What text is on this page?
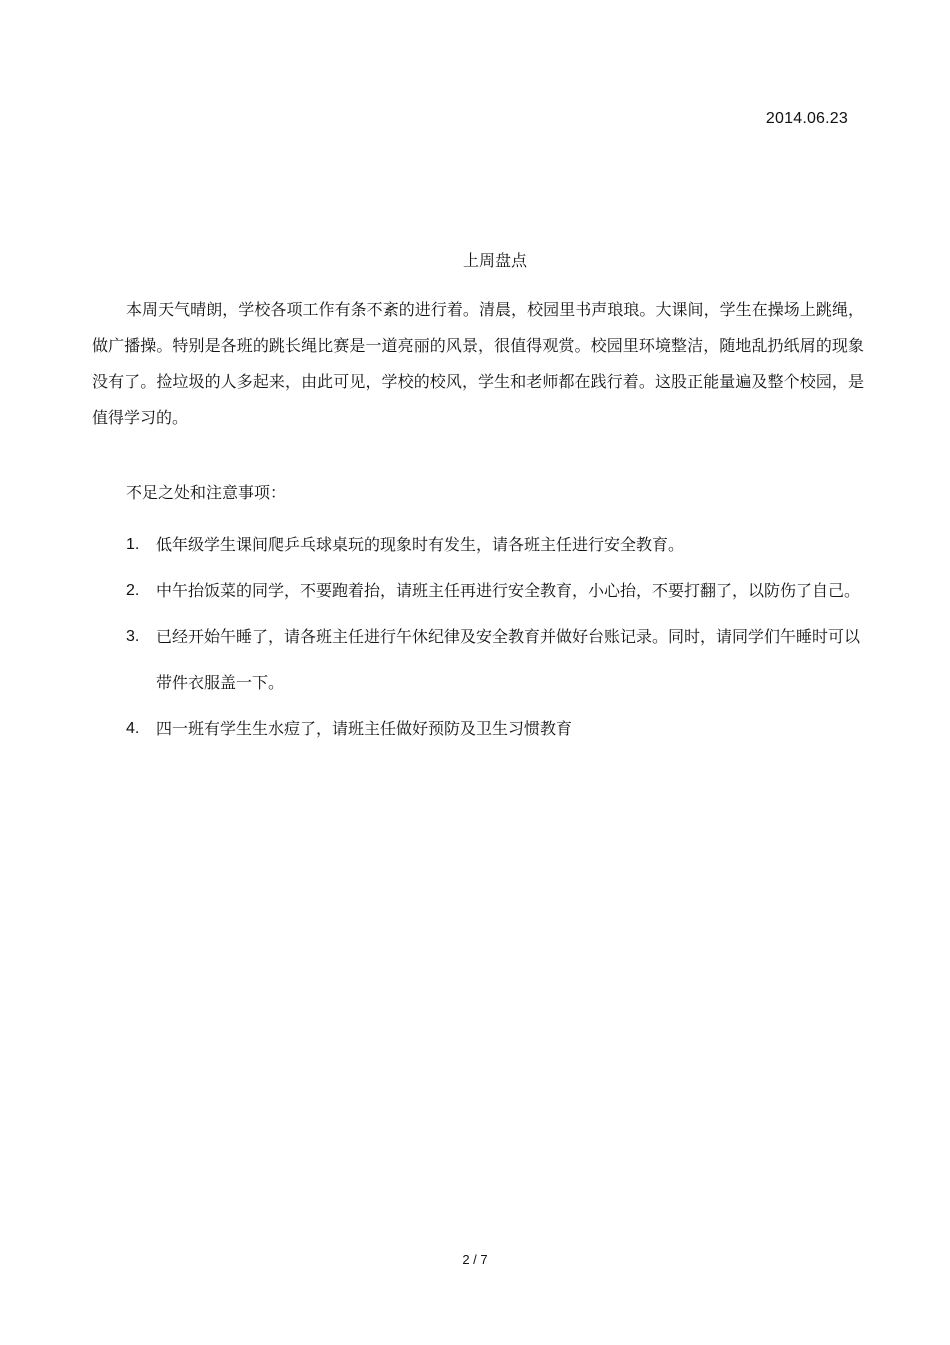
2014.06.23
上周盘点

本周天气晴朗，学校各项工作有条不紊的进行着。清晨，校园里书声琅琅。大课间，学生在操场上跳绳，做广播操。特别是各班的跳长绳比赛是一道亮丽的风景，很值得观赏。校园里环境整洁，随地乱扔纸屑的现象没有了。捡垃圾的人多起来，由此可见，学校的校风，学生和老师都在践行着。这股正能量遍及整个校园，是值得学习的。

不足之处和注意事项：
1. 低年级学生课间爬乒乓球桌玩的现象时有发生，请各班主任进行安全教育。
2. 中午抬饭菜的同学，不要跑着抬，请班主任再进行安全教育，小心抬，不要打翻了，以防伤了自己。
3. 已经开始午睡了，请各班主任进行午休纪律及安全教育并做好台账记录。同时，请同学们午睡时可以带件衣服盖一下。
4. 四一班有学生生水痘了，请班主任做好预防及卫生习惯教育
2 / 7
